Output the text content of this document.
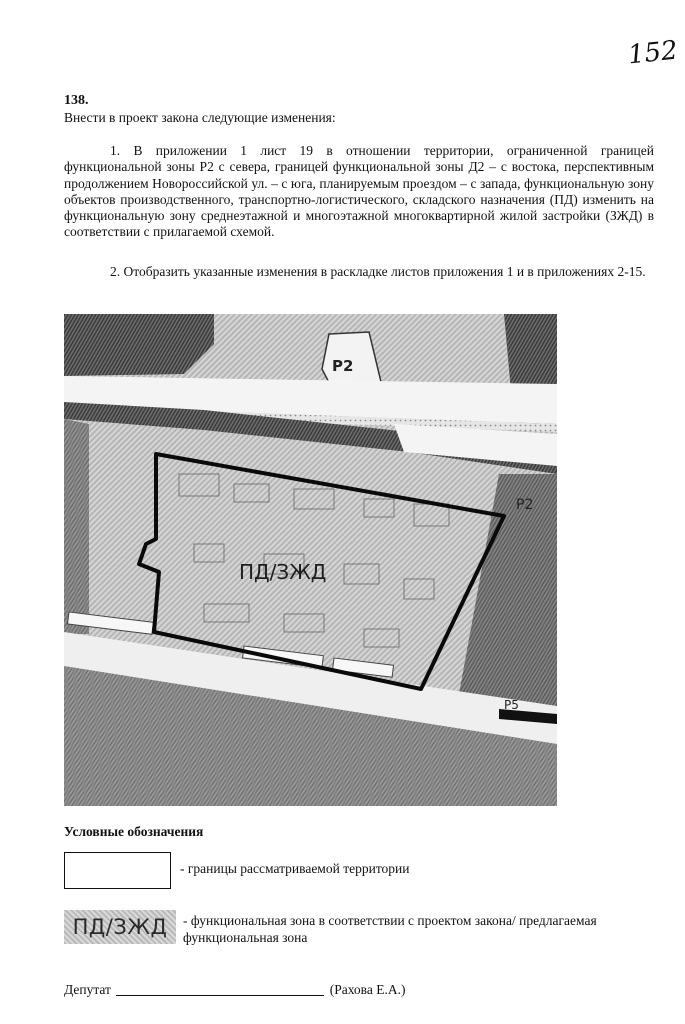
152
138.
Внести в проект закона следующие изменения:

1. В приложении 1 лист 19 в отношении территории, ограниченной границей функциональной зоны Р2 с севера, границей функциональной зоны Д2 – с востока, перспективным продолжением Новороссийской ул. – с юга, планируемым проездом – с запада, функциональную зону объектов производственного, транспортно-логистического, складского назначения (ПД) изменить на функциональную зону среднеэтажной и многоэтажной многоквартирной жилой застройки (ЗЖД) в соответствии с прилагаемой схемой.

2. Отобразить указанные изменения в раскладке листов приложения 1 и в приложениях 2-15.

Р2
Р2
Р5
ПД/ЗЖД
Условные обозначения
- границы рассматриваемой территории
ПД/ЗЖД	- функциональная зона в соответствии с проектом закона/ предлагаемая функциональная зона
Депутат	(Рахова Е.А.)
